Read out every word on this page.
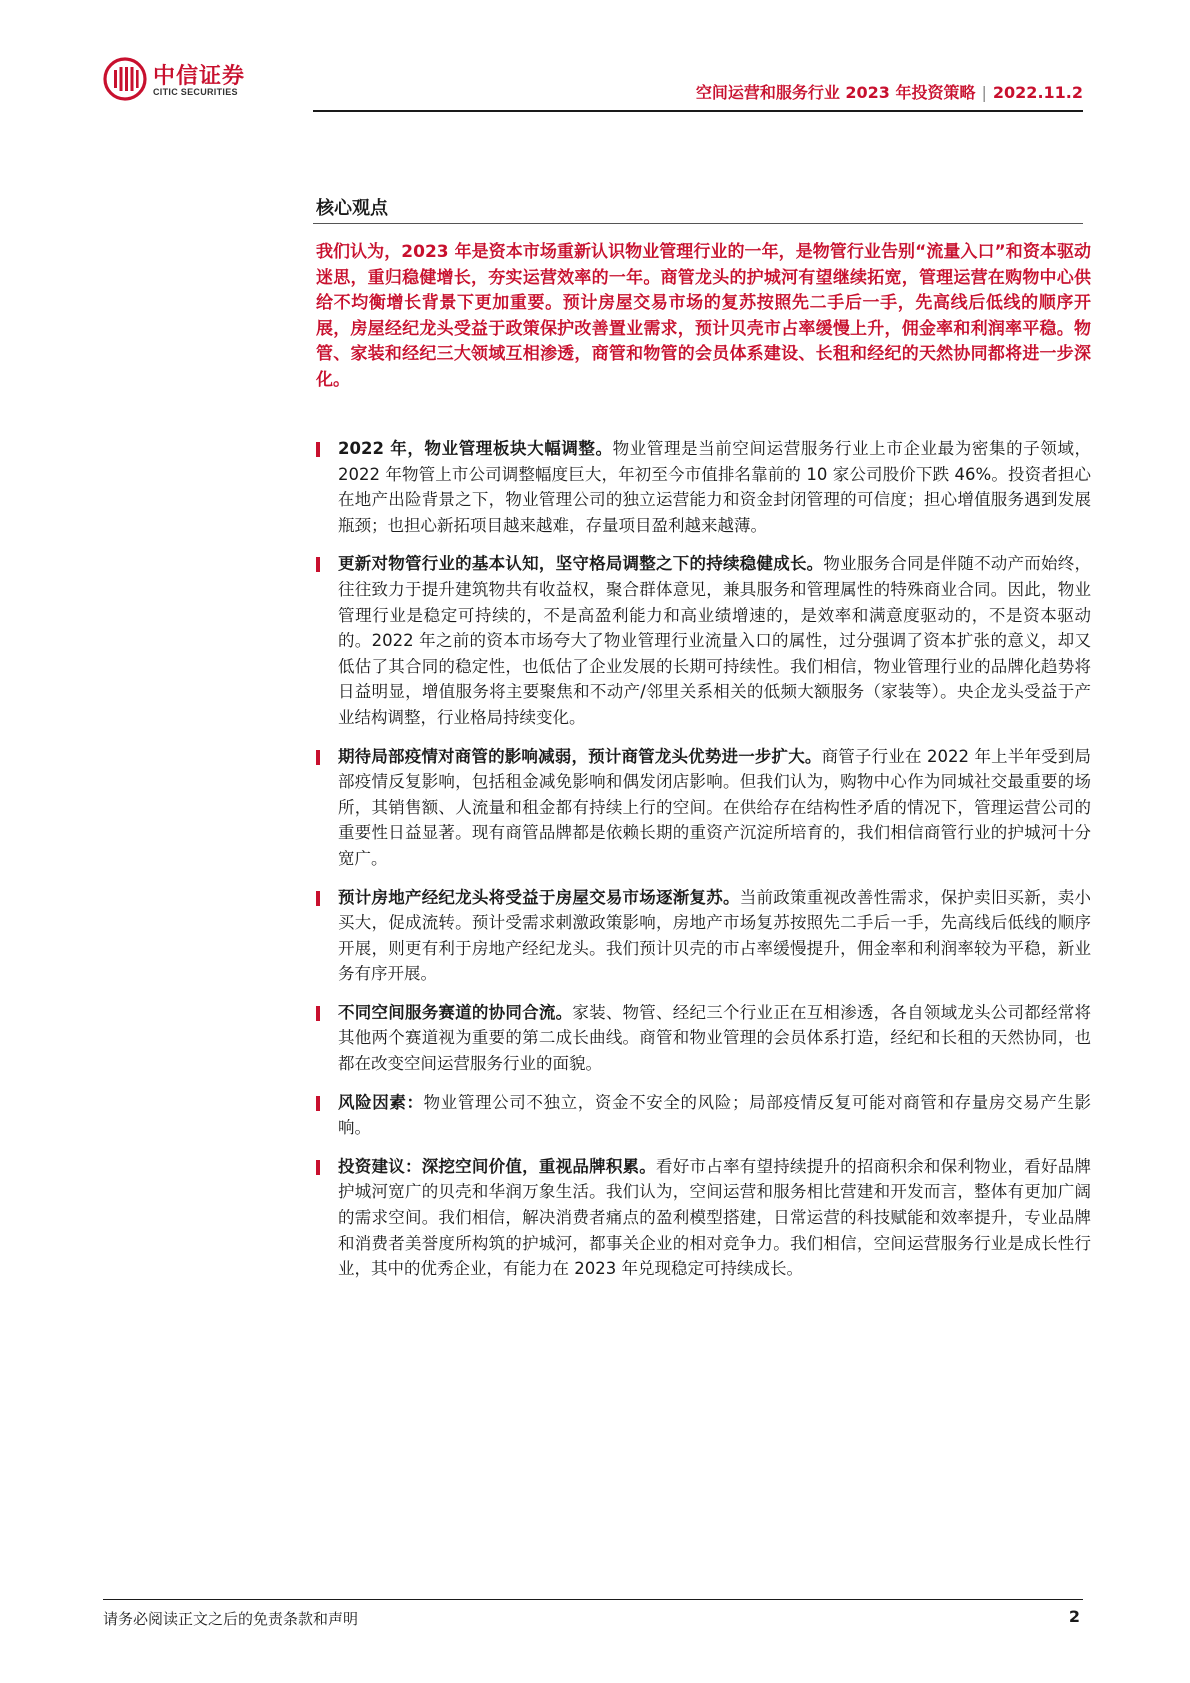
中信证券
CITIC SECURITIES	空间运营和服务行业 2023 年投资策略 | 2022.11.2
核心观点
我们认为，2023 年是资本市场重新认识物业管理行业的一年，是物管行业告别“流量入口”和资本驱动迷思，重归稳健增长，夯实运营效率的一年。商管龙头的护城河有望继续拓宽，管理运营在购物中心供给不均衡增长背景下更加重要。预计房屋交易市场的复苏按照先二手后一手，先高线后低线的顺序开展，房屋经纪龙头受益于政策保护改善置业需求，预计贝壳市占率缓慢上升，佣金率和利润率平稳。物管、家装和经纪三大领域互相渗透，商管和物管的会员体系建设、长租和经纪的天然协同都将进一步深化。
2022 年，物业管理板块大幅调整。物业管理是当前空间运营服务行业上市企业最为密集的子领域，2022 年物管上市公司调整幅度巨大，年初至今市值排名靠前的 10 家公司股价下跌 46%。投资者担心在地产出险背景之下，物业管理公司的独立运营能力和资金封闭管理的可信度；担心增值服务遇到发展瓶颈；也担心新拓项目越来越难，存量项目盈利越来越薄。
更新对物管行业的基本认知，坚守格局调整之下的持续稳健成长。物业服务合同是伴随不动产而始终，往往致力于提升建筑物共有收益权，聚合群体意见，兼具服务和管理属性的特殊商业合同。因此，物业管理行业是稳定可持续的，不是高盈利能力和高业绩增速的，是效率和满意度驱动的，不是资本驱动的。2022 年之前的资本市场夸大了物业管理行业流量入口的属性，过分强调了资本扩张的意义，却又低估了其合同的稳定性，也低估了企业发展的长期可持续性。我们相信，物业管理行业的品牌化趋势将日益明显，增值服务将主要聚焦和不动产/邻里关系相关的低频大额服务（家装等）。央企龙头受益于产业结构调整，行业格局持续变化。
期待局部疫情对商管的影响减弱，预计商管龙头优势进一步扩大。商管子行业在 2022 年上半年受到局部疫情反复影响，包括租金减免影响和偶发闭店影响。但我们认为，购物中心作为同城社交最重要的场所，其销售额、人流量和租金都有持续上行的空间。在供给存在结构性矛盾的情况下，管理运营公司的重要性日益显著。现有商管品牌都是依赖长期的重资产沉淀所培育的，我们相信商管行业的护城河十分宽广。
预计房地产经纪龙头将受益于房屋交易市场逐渐复苏。当前政策重视改善性需求，保护卖旧买新，卖小买大，促成流转。预计受需求刺激政策影响，房地产市场复苏按照先二手后一手，先高线后低线的顺序开展，则更有利于房地产经纪龙头。我们预计贝壳的市占率缓慢提升，佣金率和利润率较为平稳，新业务有序开展。
不同空间服务赛道的协同合流。家装、物管、经纪三个行业正在互相渗透，各自领域龙头公司都经常将其他两个赛道视为重要的第二成长曲线。商管和物业管理的会员体系打造，经纪和长租的天然协同，也都在改变空间运营服务行业的面貌。
风险因素：物业管理公司不独立，资金不安全的风险；局部疫情反复可能对商管和存量房交易产生影响。
投资建议：深挖空间价值，重视品牌积累。看好市占率有望持续提升的招商积余和保利物业，看好品牌护城河宽广的贝壳和华润万象生活。我们认为，空间运营和服务相比营建和开发而言，整体有更加广阔的需求空间。我们相信，解决消费者痛点的盈利模型搭建，日常运营的科技赋能和效率提升，专业品牌和消费者美誉度所构筑的护城河，都事关企业的相对竞争力。我们相信，空间运营服务行业是成长性行业，其中的优秀企业，有能力在 2023 年兑现稳定可持续成长。
请务必阅读正文之后的免责条款和声明	2
